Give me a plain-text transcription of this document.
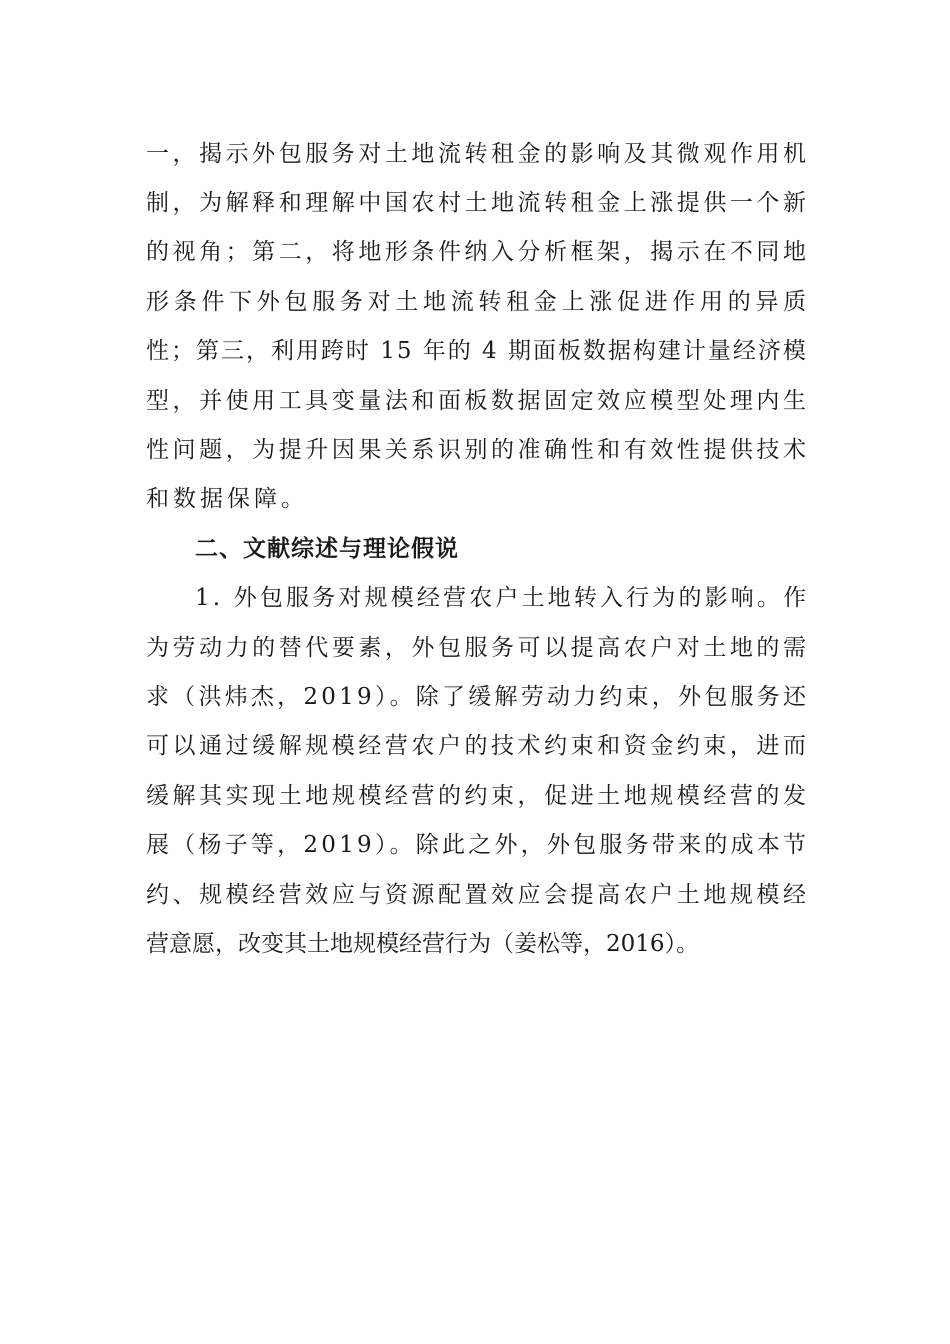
一，揭示外包服务对土地流转租金的影响及其微观作用机
制，为解释和理解中国农村土地流转租金上涨提供一个新
的视角；第二，将地形条件纳入分析框架，揭示在不同地
形条件下外包服务对土地流转租金上涨促进作用的异质
性；第三，利用跨时 15 年的 4 期面板数据构建计量经济模
型，并使用工具变量法和面板数据固定效应模型处理内生
性问题，为提升因果关系识别的准确性和有效性提供技术
和数据保障。
二、文献综述与理论假说
1. 外包服务对规模经营农户土地转入行为的影响。作
为劳动力的替代要素，外包服务可以提高农户对土地的需
求（洪炜杰，2019）。除了缓解劳动力约束，外包服务还
可以通过缓解规模经营农户的技术约束和资金约束，进而
缓解其实现土地规模经营的约束，促进土地规模经营的发
展（杨子等，2019）。除此之外，外包服务带来的成本节
约、规模经营效应与资源配置效应会提高农户土地规模经
营意愿，改变其土地规模经营行为（姜松等，2016）。
